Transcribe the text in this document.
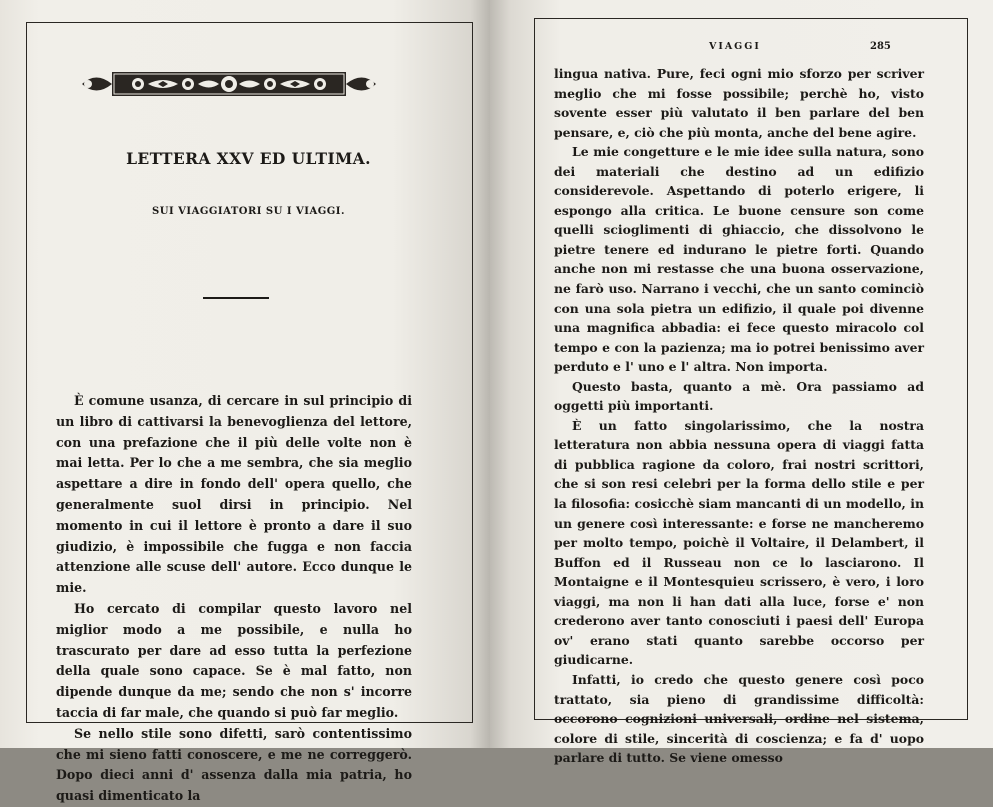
LETTERA XXV ED ULTIMA.
SUI VIAGGIATORI SU I VIAGGI.

È comune usanza, di cercare in sul principio di un libro di cattivarsi la benevoglienza del lettore, con una prefazione che il più delle volte non è mai letta. Per lo che a me sembra, che sia meglio aspettare a dire in fondo dell' opera quello, che generalmente suol dirsi in principio. Nel momento in cui il lettore è pronto a dare il suo giudizio, è impossibile che fugga e non faccia attenzione alle scuse dell' autore. Ecco dunque le mie.

Ho cercato di compilar questo lavoro nel miglior modo a me possibile, e nulla ho trascurato per dare ad esso tutta la perfezione della quale sono capace. Se è mal fatto, non dipende dunque da me; sendo che non s' incorre taccia di far male, che quando si può far meglio.

Se nello stile sono difetti, sarò contentissimo che mi sieno fatti conoscere, e me ne correggerò. Dopo dieci anni d' assenza dalla mia patria, ho quasi dimenticato la

VIAGGI	285

lingua nativa. Pure, feci ogni mio sforzo per scriver meglio che mi fosse possibile; perchè ho, visto sovente esser più valutato il ben parlare del ben pensare, e, ciò che più monta, anche del bene agire.

Le mie congetture e le mie idee sulla natura, sono dei materiali che destino ad un edifizio considerevole. Aspettando di poterlo erigere, li espongo alla critica. Le buone censure son come quelli scioglimenti di ghiaccio, che dissolvono le pietre tenere ed indurano le pietre forti. Quando anche non mi restasse che una buona osservazione, ne farò uso. Narrano i vecchi, che un santo cominciò con una sola pietra un edifizio, il quale poi divenne una magnifica abbadia: ei fece questo miracolo col tempo e con la pazienza; ma io potrei benissimo aver perduto e l' uno e l' altra. Non importa.

Questo basta, quanto a mè. Ora passiamo ad oggetti più importanti.

È un fatto singolarissimo, che la nostra letteratura non abbia nessuna opera di viaggi fatta di pubblica ragione da coloro, frai nostri scrittori, che si son resi celebri per la forma dello stile e per la filosofia: cosicchè siam mancanti di un modello, in un genere così interessante: e forse ne mancheremo per molto tempo, poichè il Voltaire, il Delambert, il Buffon ed il Russeau non ce lo lasciarono. Il Montaigne e il Montesquieu scrissero, è vero, i loro viaggi, ma non li han dati alla luce, forse e' non crederono aver tanto conosciuti i paesi dell' Europa ov' erano stati quanto sarebbe occorso per giudicarne.

Infatti, io credo che questo genere così poco trattato, sia pieno di grandissime difficoltà: occorono cognizioni universali, ordine nel sistema, colore di stile, sincerità di coscienza; e fa d' uopo parlare di tutto. Se viene omesso
